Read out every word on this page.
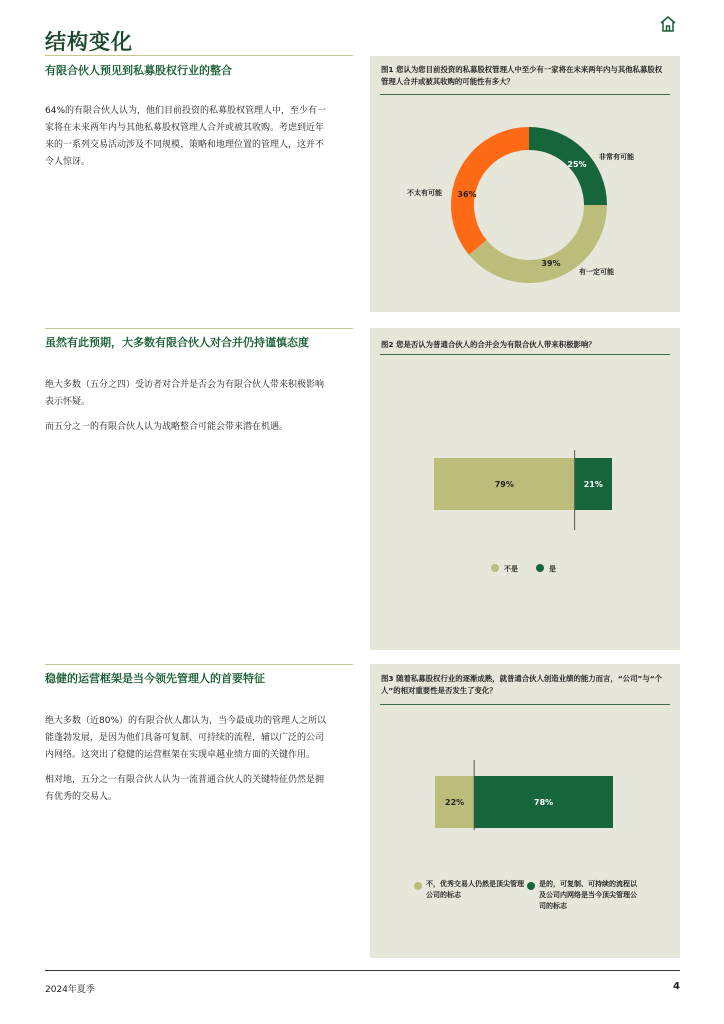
结构变化
有限合伙人预见到私募股权行业的整合

64%的有限合伙人认为，他们目前投资的私募股权管理人中，至少有一家将在未来两年内与其他私募股权管理人合并或被其收购。考虑到近年来的一系列交易活动涉及不同规模、策略和地理位置的管理人，这并不令人惊讶。

图1 您认为您目前投资的私募股权管理人中至少有一家将在未来两年内与其他私募股权管理人合并或被其收购的可能性有多大？
25%
39%
36%
非常有可能
有一定可能
不太有可能
虽然有此预期，大多数有限合伙人对合并仍持谨慎态度

绝大多数（五分之四）受访者对合并是否会为有限合伙人带来积极影响表示怀疑。

而五分之一的有限合伙人认为战略整合可能会带来潜在机遇。

图2 您是否认为普通合伙人的合并会为有限合伙人带来积极影响？
79%	21%
不是	是
稳健的运营框架是当今领先管理人的首要特征

绝大多数（近80%）的有限合伙人都认为，当今最成功的管理人之所以能蓬勃发展，是因为他们具备可复制、可持续的流程，辅以广泛的公司内网络。这突出了稳健的运营框架在实现卓越业绩方面的关键作用。

相对地，五分之一有限合伙人认为一流普通合伙人的关键特征仍然是拥有优秀的交易人。

图3 随着私募股权行业的逐渐成熟，就普通合伙人创造业绩的能力而言，“公司”与“个人”的相对重要性是否发生了变化？
22%	78%
不，优秀交易人仍然是顶尖管理公司的标志
是的，可复制、可持续的流程以及公司内网络是当今顶尖管理公司的标志
2024年夏季	4
